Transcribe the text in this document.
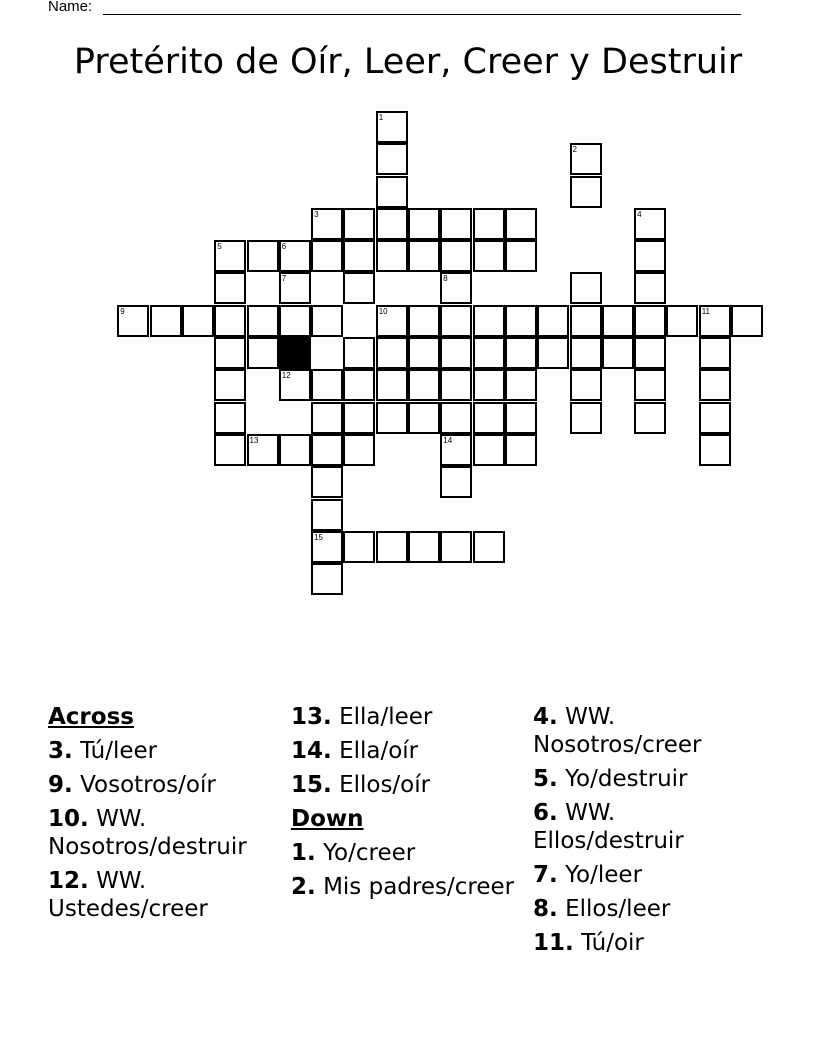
Name:
Pretérito de Oír, Leer, Creer y Destruir
1
2
3	4
5	6
7	8
9	10	11
12
13	14
15
Across
3. Tú/leer
9. Vosotros/oír
10. WW. Nosotros/destruir
12. WW. Ustedes/creer
13. Ella/leer
14. Ella/oír
15. Ellos/oír
Down
1. Yo/creer
2. Mis padres/creer
4. WW. Nosotros/creer
5. Yo/destruir
6. WW. Ellos/destruir
7. Yo/leer
8. Ellos/leer
11. Tú/oir
